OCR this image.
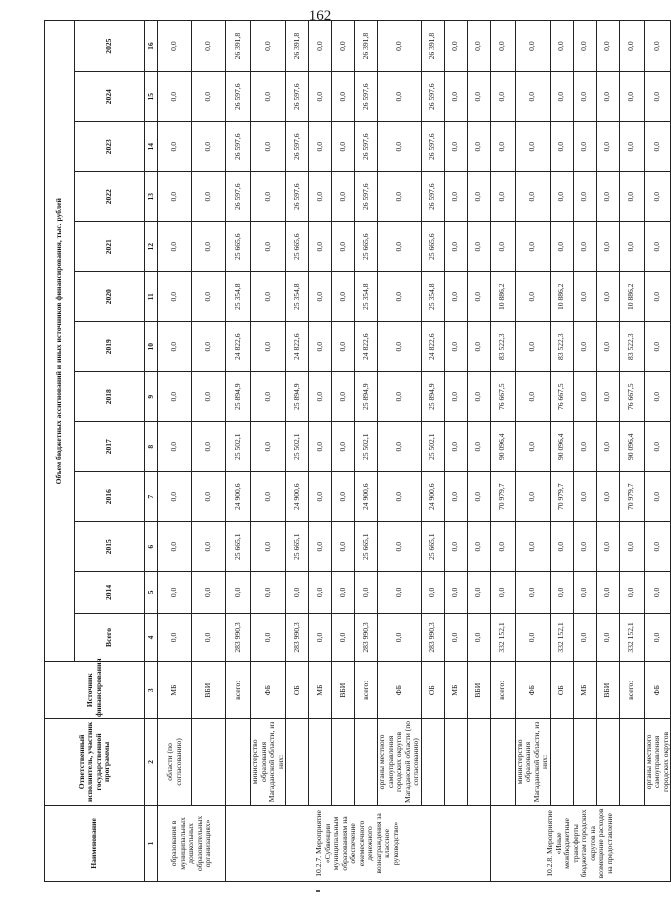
162
Наименование	Ответственный исполнитель, участник государственной программы	Источник финансирования	Объем бюджетных ассигнований и иных источников финансирования, тыс. рублей												
			Всего	2014	2015	2016	2017	2018	2019	2020	2021	2022	2023	2024	2025
1	2	3	4	5	6	7	8	9	10	11	12	13	14	15	16
образования в муниципальных дошкольных образовательных организациях»	области (по согласованию)	МБ	0,0	0,0	0,0	0,0	0,0	0,0	0,0	0,0	0,0	0,0	0,0	0,0	0,0
		ВБИ	0,0	0,0	0,0	0,0	0,0	0,0	0,0	0,0	0,0	0,0	0,0	0,0	0,0
10.2.7. Мероприятие «Субвенции муниципальным образованиям на обеспечение ежемесячного денежного вознаграждения за классное руководство»		всего:	283 990,3	0,0	25 665,1	24 900,6	25 502,1	25 894,9	24 822,6	25 354,8	25 665,6	26 597,6	26 597,6	26 597,6	26 391,8
	министерство образования Магаданской области, из них:	ФБ	0,0	0,0	0,0	0,0	0,0	0,0	0,0	0,0	0,0	0,0	0,0	0,0	0,0
		ОБ	283 990,3	0,0	25 665,1	24 900,6	25 502,1	25 894,9	24 822,6	25 354,8	25 665,6	26 597,6	26 597,6	26 597,6	26 391,8
		МБ	0,0	0,0	0,0	0,0	0,0	0,0	0,0	0,0	0,0	0,0	0,0	0,0	0,0
		ВБИ	0,0	0,0	0,0	0,0	0,0	0,0	0,0	0,0	0,0	0,0	0,0	0,0	0,0
		всего:	283 990,3	0,0	25 665,1	24 900,6	25 502,1	25 894,9	24 822,6	25 354,8	25 665,6	26 597,6	26 597,6	26 597,6	26 391,8
	органы местного самоуправления городских округов Магаданской области (по согласованию)	ФБ	0,0	0,0	0,0	0,0	0,0	0,0	0,0	0,0	0,0	0,0	0,0	0,0	0,0
		ОБ	283 990,3	0,0	25 665,1	24 900,6	25 502,1	25 894,9	24 822,6	25 354,8	25 665,6	26 597,6	26 597,6	26 597,6	26 391,8
		МБ	0,0	0,0	0,0	0,0	0,0	0,0	0,0	0,0	0,0	0,0	0,0	0,0	0,0
		ВБИ	0,0	0,0	0,0	0,0	0,0	0,0	0,0	0,0	0,0	0,0	0,0	0,0	0,0
10.2.8. Мероприятие «Иные межбюджетные трансферты бюджетам городских округов на возмещение расходов на предоставление		всего:	332 152,1	0,0	0,0	70 979,7	90 096,4	76 667,5	83 522,3	10 886,2	0,0	0,0	0,0	0,0	0,0
	министерство образования Магаданской области, из них:	ФБ	0,0	0,0	0,0	0,0	0,0	0,0	0,0	0,0	0,0	0,0	0,0	0,0	0,0
		ОБ	332 152,1	0,0	0,0	70 979,7	90 096,4	76 667,5	83 522,3	10 886,2	0,0	0,0	0,0	0,0	0,0
		МБ	0,0	0,0	0,0	0,0	0,0	0,0	0,0	0,0	0,0	0,0	0,0	0,0	0,0
		ВБИ	0,0	0,0	0,0	0,0	0,0	0,0	0,0	0,0	0,0	0,0	0,0	0,0	0,0
		всего:	332 152,1	0,0	0,0	70 979,7	90 096,4	76 667,5	83 522,3	10 886,2	0,0	0,0	0,0	0,0	0,0
	органы местного самоуправления городских округов	ФБ	0,0	0,0	0,0	0,0	0,0	0,0	0,0	0,0	0,0	0,0	0,0	0,0	0,0
